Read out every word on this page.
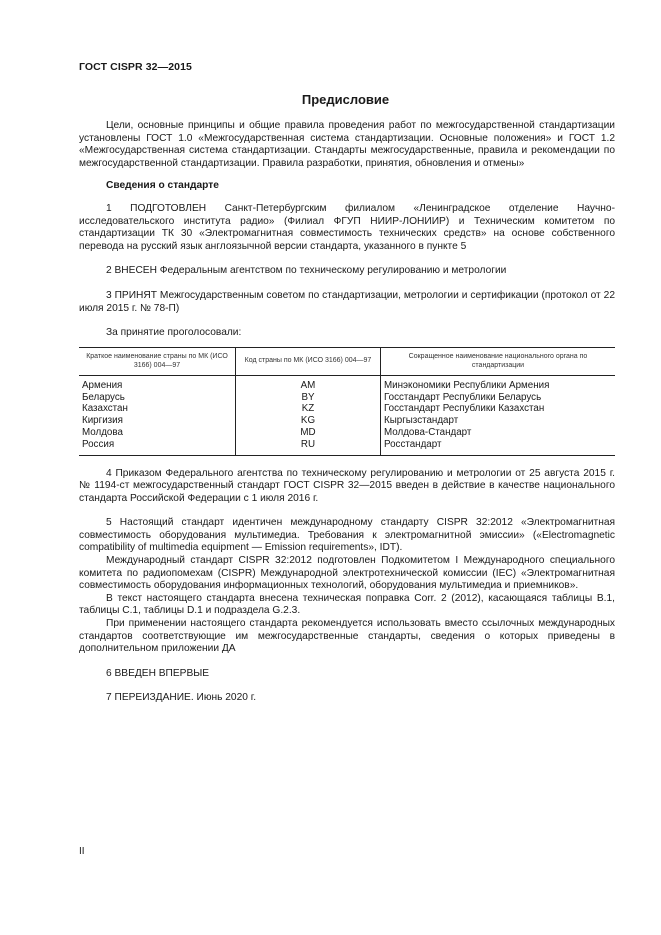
ГОСТ CISPR 32—2015
Предисловие

Цели, основные принципы и общие правила проведения работ по межгосударственной стандартизации установлены ГОСТ 1.0 «Межгосударственная система стандартизации. Основные положения» и ГОСТ 1.2 «Межгосударственная система стандартизации. Стандарты межгосударственные, правила и рекомендации по межгосударственной стандартизации. Правила разработки, принятия, обновления и отмены»

Сведения о стандарте

1 ПОДГОТОВЛЕН Санкт-Петербургским филиалом «Ленинградское отделение Научно-исследовательского института радио» (Филиал ФГУП НИИР-ЛОНИИР) и Техническим комитетом по стандартизации ТК 30 «Электромагнитная совместимость технических средств» на основе собственного перевода на русский язык англоязычной версии стандарта, указанного в пункте 5

2 ВНЕСЕН Федеральным агентством по техническому регулированию и метрологии

3 ПРИНЯТ Межгосударственным советом по стандартизации, метрологии и сертификации (протокол от 22 июля 2015 г. № 78-П)

За принятие проголосовали:

Краткое наименование страны по МК (ИСО 3166) 004—97	Код страны по МК (ИСО 3166) 004—97	Сокращенное наименование национального органа по стандартизации
Армения	AM	Минэкономики Республики Армения
Беларусь	BY	Госстандарт Республики Беларусь
Казахстан	KZ	Госстандарт Республики Казахстан
Киргизия	KG	Кыргызстандарт
Молдова	MD	Молдова-Стандарт
Россия	RU	Росстандарт

4 Приказом Федерального агентства по техническому регулированию и метрологии от 25 августа 2015 г. № 1194-ст межгосударственный стандарт ГОСТ CISPR 32—2015 введен в действие в качестве национального стандарта Российской Федерации с 1 июля 2016 г.

5 Настоящий стандарт идентичен международному стандарту CISPR 32:2012 «Электромагнитная совместимость оборудования мультимедиа. Требования к электромагнитной эмиссии» («Electromagnetic compatibility of multimedia equipment — Emission requirements», IDT).

Международный стандарт CISPR 32:2012 подготовлен Подкомитетом I Международного специального комитета по радиопомехам (CISPR) Международной электротехнической комиссии (IEC) «Электромагнитная совместимость оборудования информационных технологий, оборудования мультимедиа и приемников».

В текст настоящего стандарта внесена техническая поправка Corr. 2 (2012), касающаяся таблицы В.1, таблицы С.1, таблицы D.1 и подраздела G.2.3.

При применении настоящего стандарта рекомендуется использовать вместо ссылочных международных стандартов соответствующие им межгосударственные стандарты, сведения о которых приведены в дополнительном приложении ДА

6 ВВЕДЕН ВПЕРВЫЕ

7 ПЕРЕИЗДАНИЕ. Июнь 2020 г.

II
